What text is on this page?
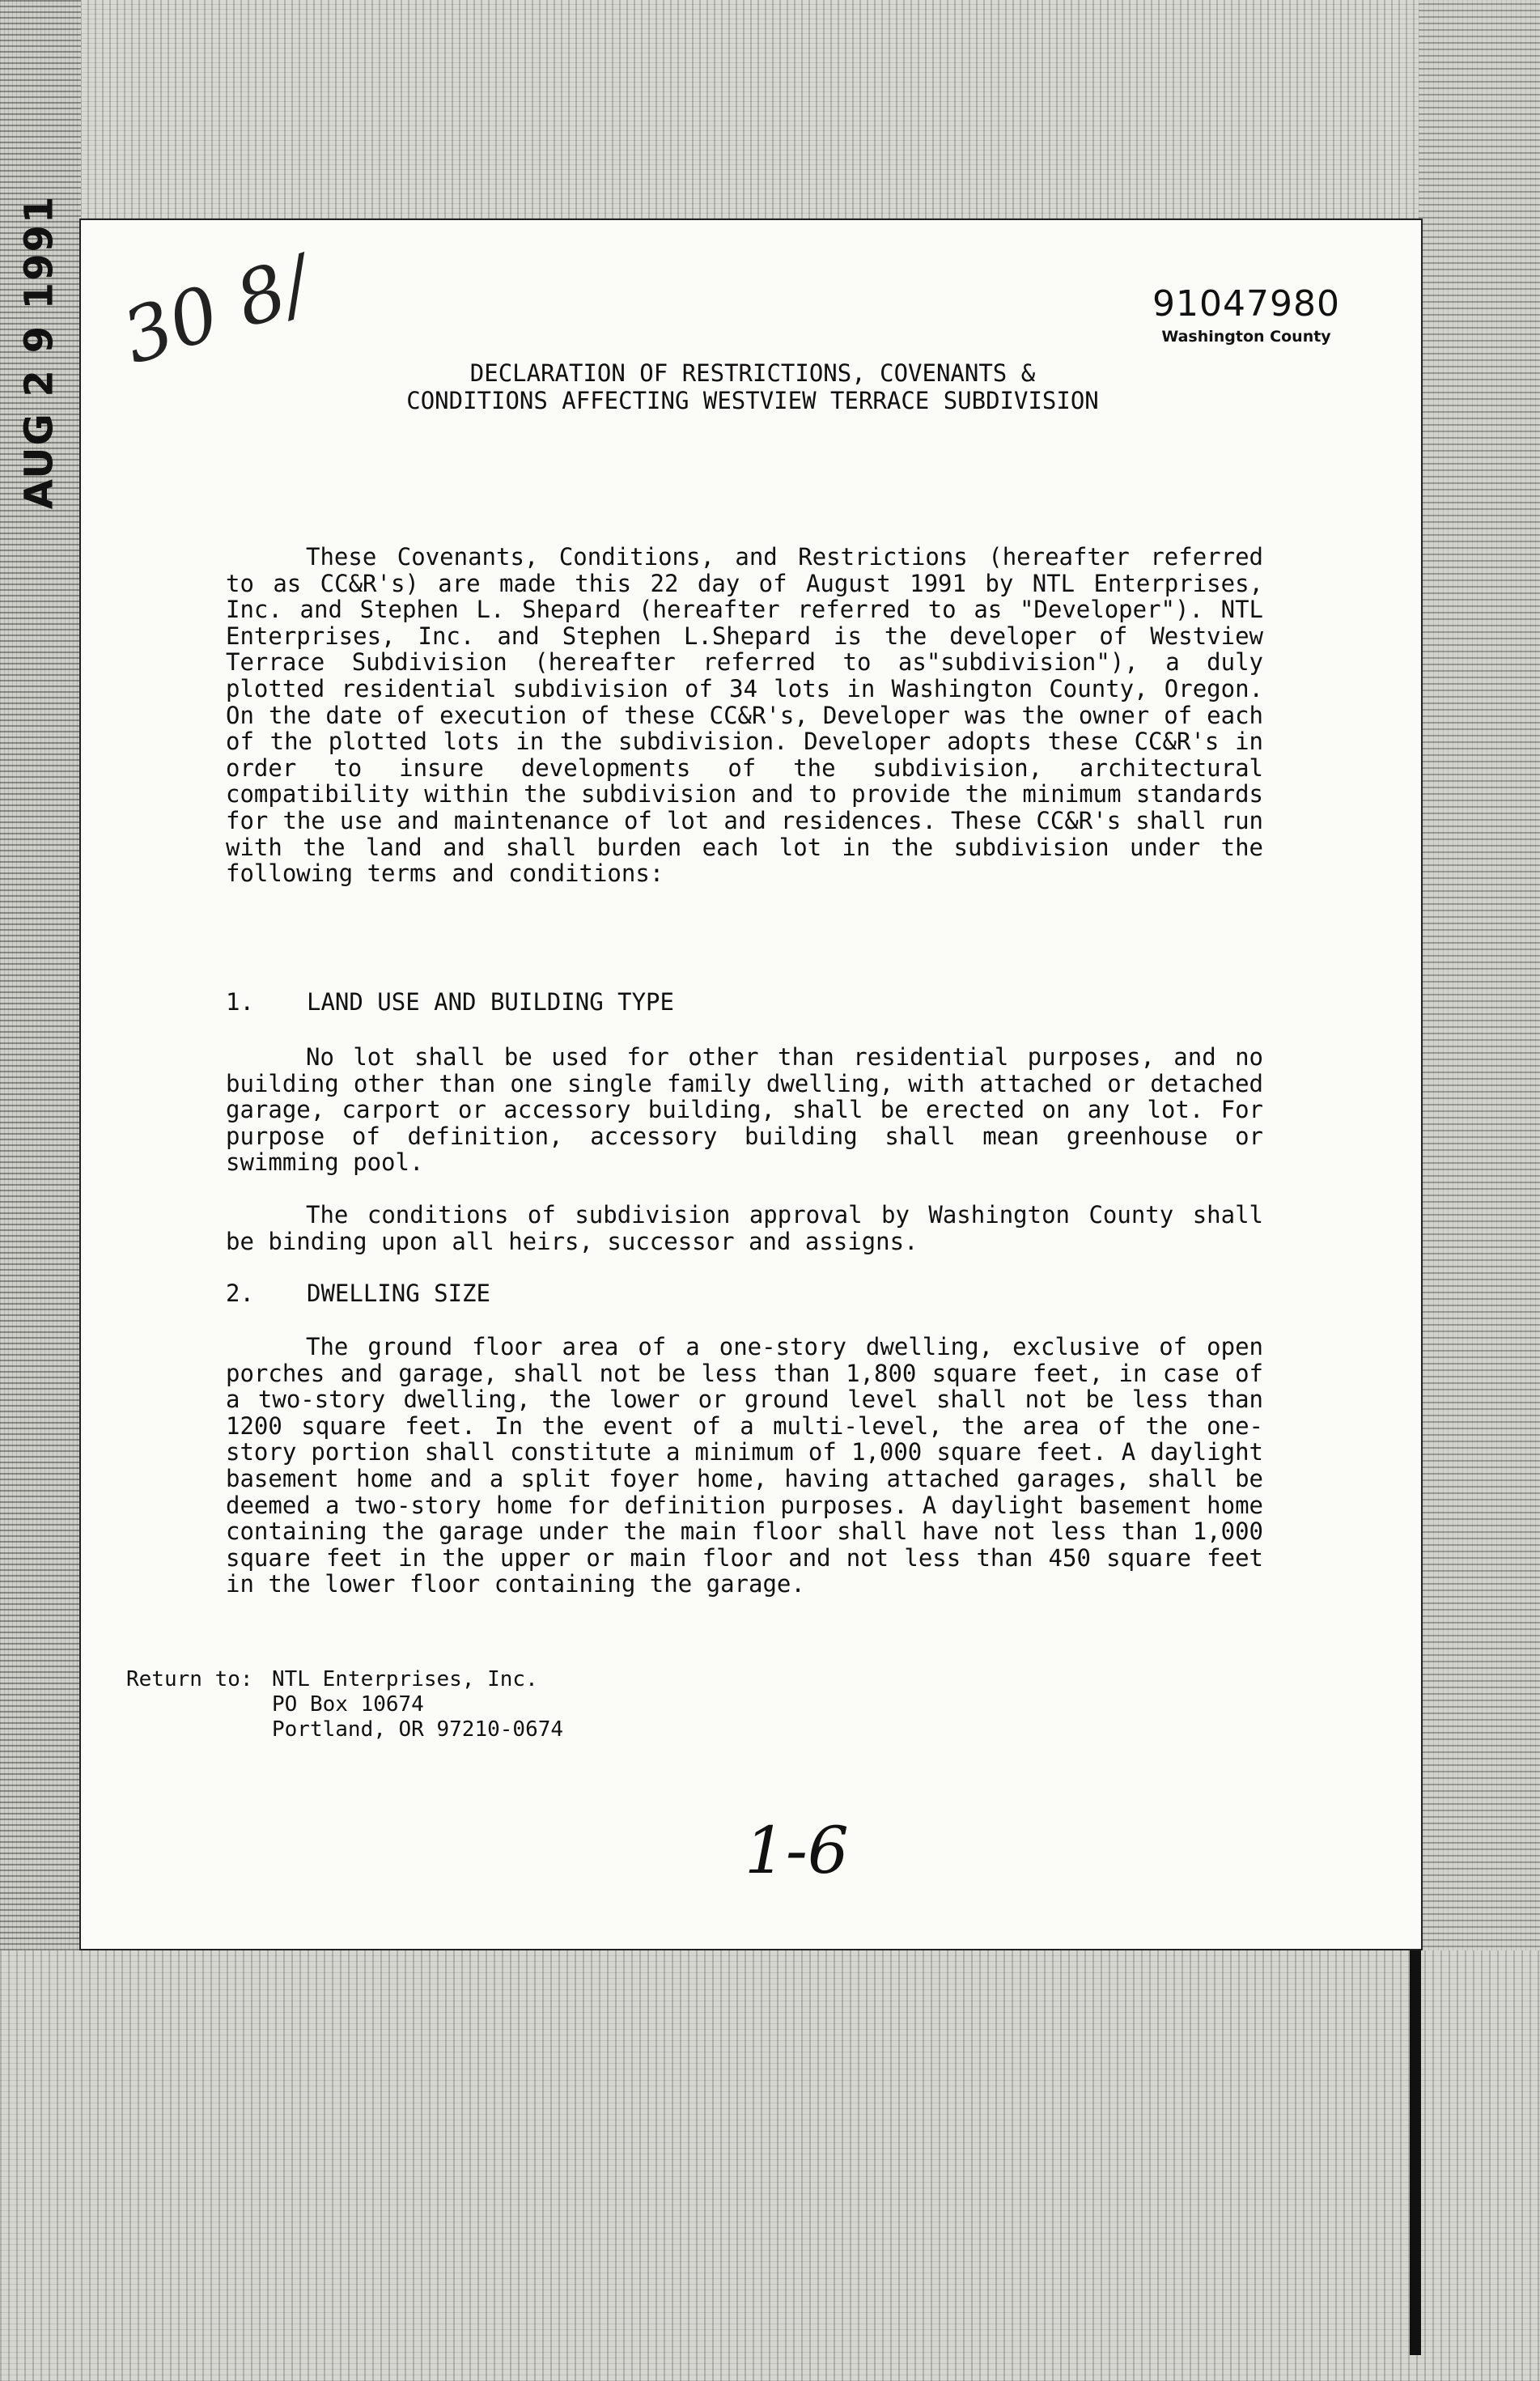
AUG 2 9 1991 30 8/	91047980
Washington County
DECLARATION OF RESTRICTIONS, COVENANTS &
CONDITIONS AFFECTING WESTVIEW TERRACE SUBDIVISION

These Covenants, Conditions, and Restrictions (hereafter referred to as CC&R's) are made this 22 day of August 1991 by NTL Enterprises, Inc. and Stephen L. Shepard (hereafter referred to as "Developer"). NTL Enterprises, Inc. and Stephen L.Shepard is the developer of Westview Terrace Subdivision (hereafter referred to as"subdivision"), a duly plotted residential subdivision of 34 lots in Washington County, Oregon. On the date of execution of these CC&R's, Developer was the owner of each of the plotted lots in the subdivision. Developer adopts these CC&R's in order to insure developments of the subdivision, architectural compatibility within the subdivision and to provide the minimum standards for the use and maintenance of lot and residences. These CC&R's shall run with the land and shall burden each lot in the subdivision under the following terms and conditions:

1. LAND USE AND BUILDING TYPE

No lot shall be used for other than residential purposes, and no building other than one single family dwelling, with attached or detached garage, carport or accessory building, shall be erected on any lot. For purpose of definition, accessory building shall mean greenhouse or swimming pool.

The conditions of subdivision approval by Washington County shall be binding upon all heirs, successor and assigns.

2. DWELLING SIZE

The ground floor area of a one-story dwelling, exclusive of open porches and garage, shall not be less than 1,800 square feet, in case of a two-story dwelling, the lower or ground level shall not be less than 1200 square feet. In the event of a multi-level, the area of the one-story portion shall constitute a minimum of 1,000 square feet. A daylight basement home and a split foyer home, having attached garages, shall be deemed a two-story home for definition purposes. A daylight basement home containing the garage under the main floor shall have not less than 1,000 square feet in the upper or main floor and not less than 450 square feet in the lower floor containing the garage.

Return to: NTL Enterprises, Inc.
PO Box 10674
Portland, OR 97210-0674
1-6
